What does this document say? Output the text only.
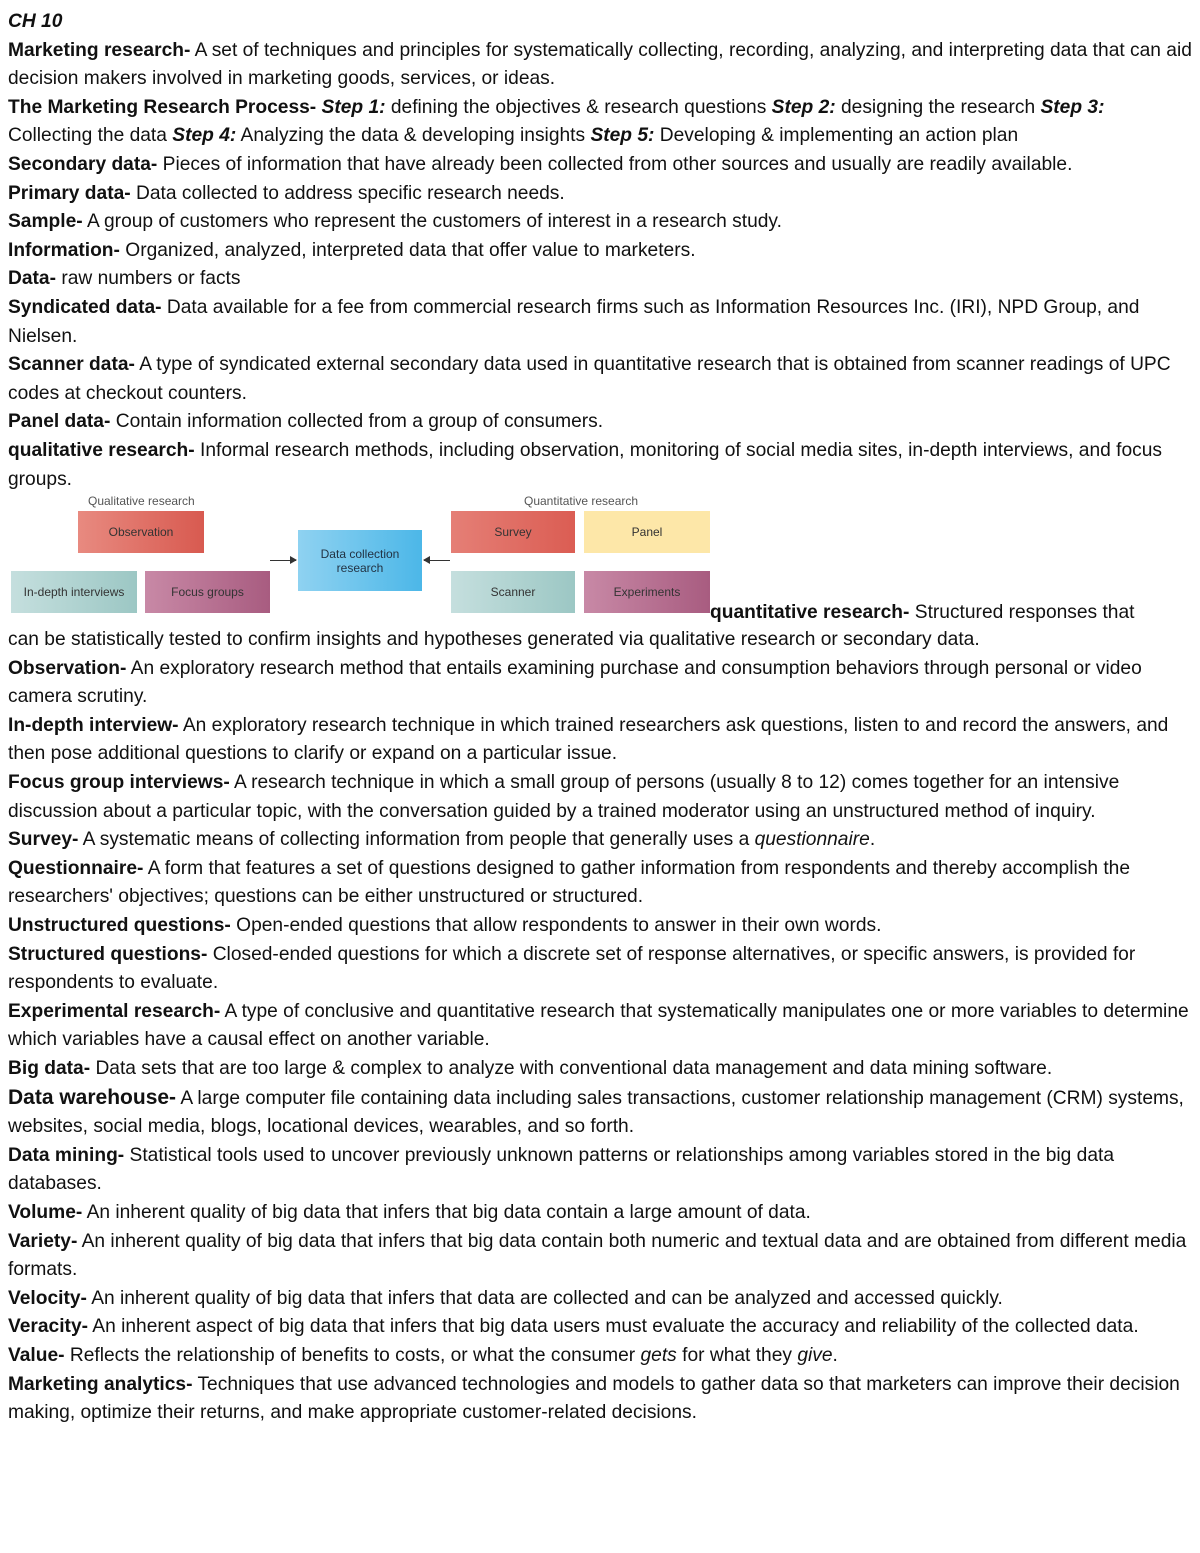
CH 10

Marketing research- A set of techniques and principles for systematically collecting, recording, analyzing, and interpreting data that can aid decision makers involved in marketing goods, services, or ideas.

The Marketing Research Process- Step 1: defining the objectives & research questions Step 2: designing the research Step 3: Collecting the data Step 4: Analyzing the data & developing insights Step 5: Developing & implementing an action plan

Secondary data- Pieces of information that have already been collected from other sources and usually are readily available.

Primary data- Data collected to address specific research needs.

Sample- A group of customers who represent the customers of interest in a research study.

Information- Organized, analyzed, interpreted data that offer value to marketers.

Data- raw numbers or facts

Syndicated data- Data available for a fee from commercial research firms such as Information Resources Inc. (IRI), NPD Group, and Nielsen.

Scanner data- A type of syndicated external secondary data used in quantitative research that is obtained from scanner readings of UPC codes at checkout counters.

Panel data- Contain information collected from a group of consumers.

qualitative research- Informal research methods, including observation, monitoring of social media sites, in-depth interviews, and focus groups.

Qualitative research	Quantitative research
Observation
In-depth interviews	Focus groups
Data collection research
Survey	Panel
Scanner	Experiments
quantitative research- Structured responses that

can be statistically tested to confirm insights and hypotheses generated via qualitative research or secondary data.

Observation- An exploratory research method that entails examining purchase and consumption behaviors through personal or video camera scrutiny.

In-depth interview- An exploratory research technique in which trained researchers ask questions, listen to and record the answers, and then pose additional questions to clarify or expand on a particular issue.

Focus group interviews- A research technique in which a small group of persons (usually 8 to 12) comes together for an intensive discussion about a particular topic, with the conversation guided by a trained moderator using an unstructured method of inquiry.

Survey- A systematic means of collecting information from people that generally uses a questionnaire.

Questionnaire- A form that features a set of questions designed to gather information from respondents and thereby accomplish the researchers' objectives; questions can be either unstructured or structured.

Unstructured questions- Open-ended questions that allow respondents to answer in their own words.

Structured questions- Closed-ended questions for which a discrete set of response alternatives, or specific answers, is provided for respondents to evaluate.

Experimental research- A type of conclusive and quantitative research that systematically manipulates one or more variables to determine which variables have a causal effect on another variable.

Big data- Data sets that are too large & complex to analyze with conventional data management and data mining software.

Data warehouse- A large computer file containing data including sales transactions, customer relationship management (CRM) systems, websites, social media, blogs, locational devices, wearables, and so forth.

Data mining- Statistical tools used to uncover previously unknown patterns or relationships among variables stored in the big data databases.

Volume- An inherent quality of big data that infers that big data contain a large amount of data.

Variety- An inherent quality of big data that infers that big data contain both numeric and textual data and are obtained from different media formats.

Velocity- An inherent quality of big data that infers that data are collected and can be analyzed and accessed quickly.

Veracity- An inherent aspect of big data that infers that big data users must evaluate the accuracy and reliability of the collected data.

Value- Reflects the relationship of benefits to costs, or what the consumer gets for what they give.

Marketing analytics- Techniques that use advanced technologies and models to gather data so that marketers can improve their decision making, optimize their returns, and make appropriate customer-related decisions.
